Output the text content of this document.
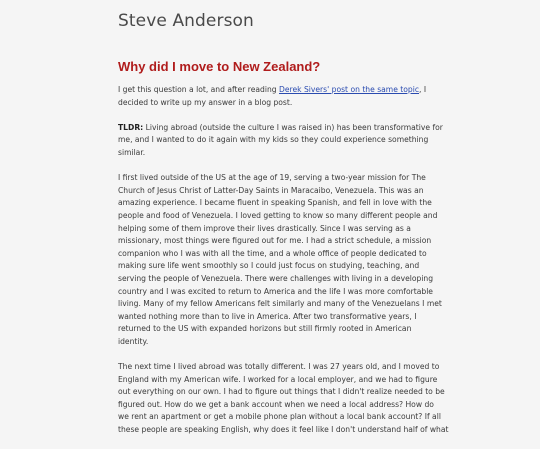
Steve Anderson
Why did I move to New Zealand?

I get this question a lot, and after reading Derek Sivers' post on the same topic, I
decided to write up my answer in a blog post.

TLDR: Living abroad (outside the culture I was raised in) has been transformative for
me, and I wanted to do it again with my kids so they could experience something
similar.

I first lived outside of the US at the age of 19, serving a two-year mission for The
Church of Jesus Christ of Latter-Day Saints in Maracaibo, Venezuela. This was an
amazing experience. I became fluent in speaking Spanish, and fell in love with the
people and food of Venezuela. I loved getting to know so many different people and
helping some of them improve their lives drastically. Since I was serving as a
missionary, most things were figured out for me. I had a strict schedule, a mission
companion who I was with all the time, and a whole office of people dedicated to
making sure life went smoothly so I could just focus on studying, teaching, and
serving the people of Venezuela. There were challenges with living in a developing
country and I was excited to return to America and the life I was more comfortable
living. Many of my fellow Americans felt similarly and many of the Venezuelans I met
wanted nothing more than to live in America. After two transformative years, I
returned to the US with expanded horizons but still firmly rooted in American
identity.

The next time I lived abroad was totally different. I was 27 years old, and I moved to
England with my American wife. I worked for a local employer, and we had to figure
out everything on our own. I had to figure out things that I didn't realize needed to be
figured out. How do we get a bank account when we need a local address? How do
we rent an apartment or get a mobile phone plan without a local bank account? If all
these people are speaking English, why does it feel like I don't understand half of what
